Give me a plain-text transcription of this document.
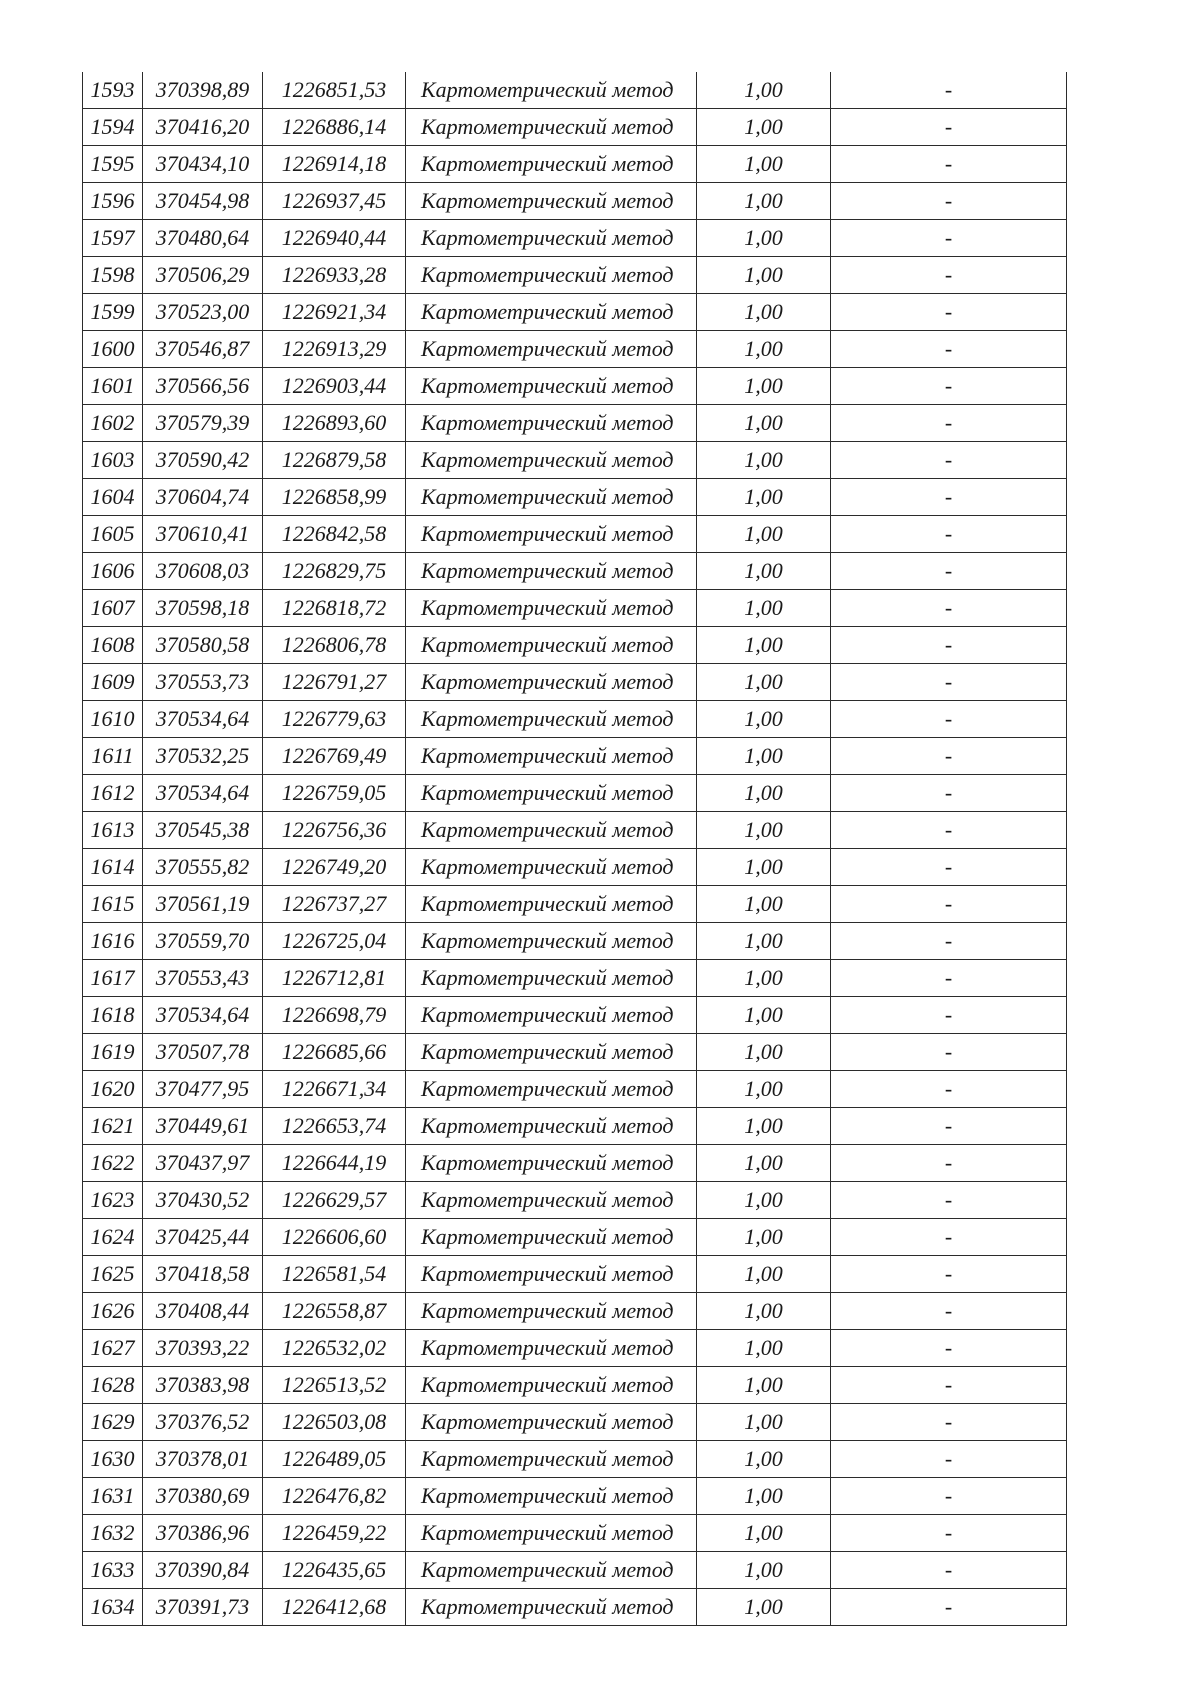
1593	370398,89	1226851,53	Картометрический метод	1,00	-
1594	370416,20	1226886,14	Картометрический метод	1,00	-
1595	370434,10	1226914,18	Картометрический метод	1,00	-
1596	370454,98	1226937,45	Картометрический метод	1,00	-
1597	370480,64	1226940,44	Картометрический метод	1,00	-
1598	370506,29	1226933,28	Картометрический метод	1,00	-
1599	370523,00	1226921,34	Картометрический метод	1,00	-
1600	370546,87	1226913,29	Картометрический метод	1,00	-
1601	370566,56	1226903,44	Картометрический метод	1,00	-
1602	370579,39	1226893,60	Картометрический метод	1,00	-
1603	370590,42	1226879,58	Картометрический метод	1,00	-
1604	370604,74	1226858,99	Картометрический метод	1,00	-
1605	370610,41	1226842,58	Картометрический метод	1,00	-
1606	370608,03	1226829,75	Картометрический метод	1,00	-
1607	370598,18	1226818,72	Картометрический метод	1,00	-
1608	370580,58	1226806,78	Картометрический метод	1,00	-
1609	370553,73	1226791,27	Картометрический метод	1,00	-
1610	370534,64	1226779,63	Картометрический метод	1,00	-
1611	370532,25	1226769,49	Картометрический метод	1,00	-
1612	370534,64	1226759,05	Картометрический метод	1,00	-
1613	370545,38	1226756,36	Картометрический метод	1,00	-
1614	370555,82	1226749,20	Картометрический метод	1,00	-
1615	370561,19	1226737,27	Картометрический метод	1,00	-
1616	370559,70	1226725,04	Картометрический метод	1,00	-
1617	370553,43	1226712,81	Картометрический метод	1,00	-
1618	370534,64	1226698,79	Картометрический метод	1,00	-
1619	370507,78	1226685,66	Картометрический метод	1,00	-
1620	370477,95	1226671,34	Картометрический метод	1,00	-
1621	370449,61	1226653,74	Картометрический метод	1,00	-
1622	370437,97	1226644,19	Картометрический метод	1,00	-
1623	370430,52	1226629,57	Картометрический метод	1,00	-
1624	370425,44	1226606,60	Картометрический метод	1,00	-
1625	370418,58	1226581,54	Картометрический метод	1,00	-
1626	370408,44	1226558,87	Картометрический метод	1,00	-
1627	370393,22	1226532,02	Картометрический метод	1,00	-
1628	370383,98	1226513,52	Картометрический метод	1,00	-
1629	370376,52	1226503,08	Картометрический метод	1,00	-
1630	370378,01	1226489,05	Картометрический метод	1,00	-
1631	370380,69	1226476,82	Картометрический метод	1,00	-
1632	370386,96	1226459,22	Картометрический метод	1,00	-
1633	370390,84	1226435,65	Картометрический метод	1,00	-
1634	370391,73	1226412,68	Картометрический метод	1,00	-
